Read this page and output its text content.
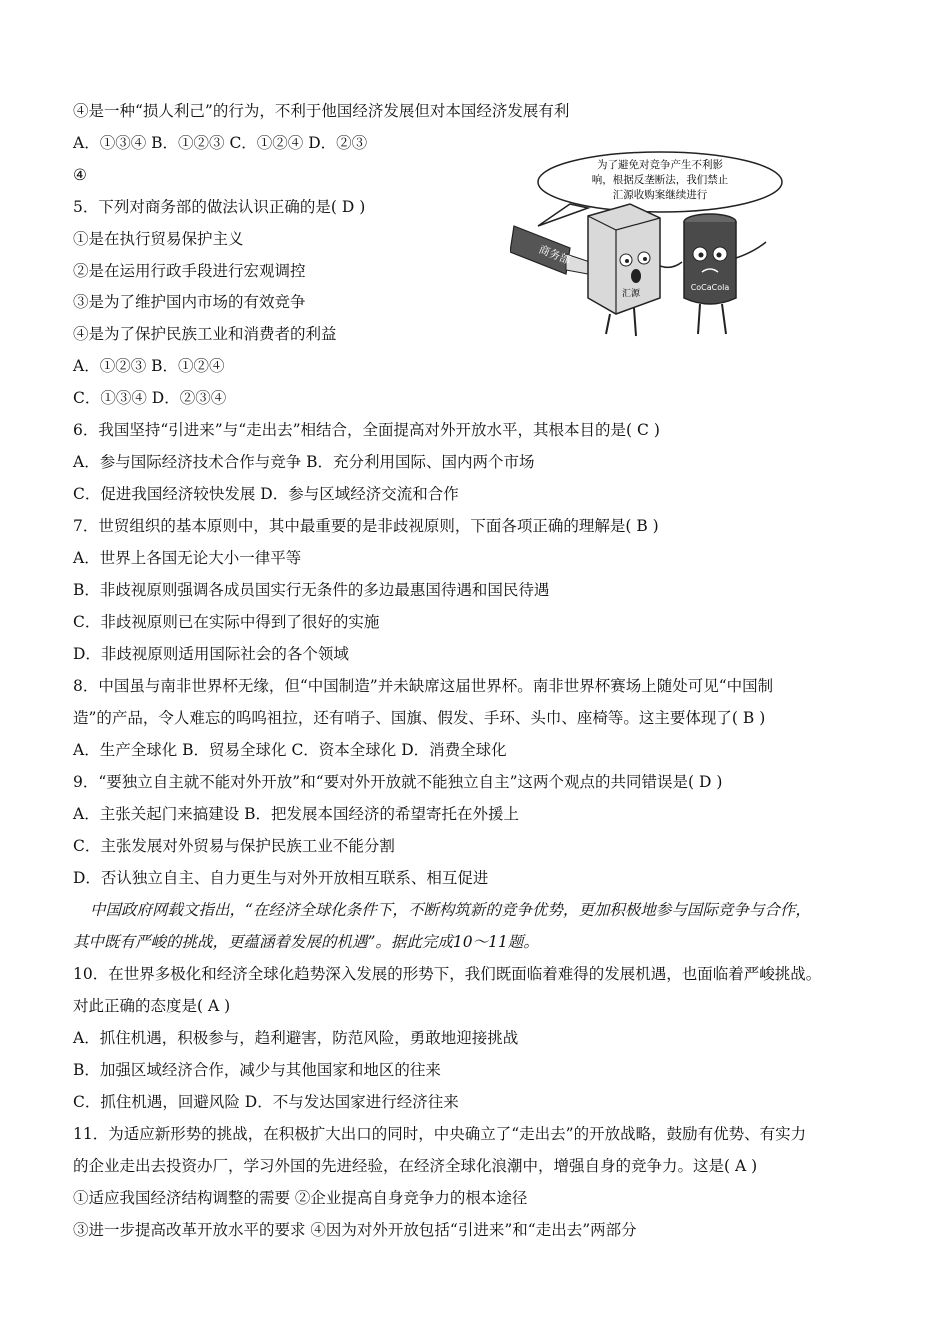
④是一种“损人利己”的行为，不利于他国经济发展但对本国经济发展有利
A．①③④ B．①②③ C．①②④ D．②③
④
5．下列对商务部的做法认识正确的是( D )
①是在执行贸易保护主义
②是在运用行政手段进行宏观调控
③是为了维护国内市场的有效竞争
④是为了保护民族工业和消费者的利益
A．①②③ B．①②④
C．①③④ D．②③④
6．我国坚持“引进来”与“走出去”相结合，全面提高对外开放水平，其根本目的是( C )
A．参与国际经济技术合作与竞争 B．充分利用国际、国内两个市场
C．促进我国经济较快发展 D．参与区域经济交流和合作
7．世贸组织的基本原则中，其中最重要的是非歧视原则，下面各项正确的理解是( B )
A．世界上各国无论大小一律平等
B．非歧视原则强调各成员国实行无条件的多边最惠国待遇和国民待遇
C．非歧视原则已在实际中得到了很好的实施
D．非歧视原则适用国际社会的各个领域
8．中国虽与南非世界杯无缘，但“中国制造”并未缺席这届世界杯。南非世界杯赛场上随处可见“中国制
造”的产品，令人难忘的呜呜祖拉，还有哨子、国旗、假发、手环、头巾、座椅等。这主要体现了( B )
A．生产全球化 B．贸易全球化 C．资本全球化 D．消费全球化
9．“要独立自主就不能对外开放”和“要对外开放就不能独立自主”这两个观点的共同错误是( D )
A．主张关起门来搞建设 B．把发展本国经济的希望寄托在外援上
C．主张发展对外贸易与保护民族工业不能分割
D．否认独立自主、自力更生与对外开放相互联系、相互促进
中国政府网载文指出，“在经济全球化条件下，不断构筑新的竞争优势，更加积极地参与国际竞争与合作，
其中既有严峻的挑战，更蕴涵着发展的机遇”。据此完成10～11题。
10．在世界多极化和经济全球化趋势深入发展的形势下，我们既面临着难得的发展机遇，也面临着严峻挑战。
对此正确的态度是( A )
A．抓住机遇，积极参与，趋利避害，防范风险，勇敢地迎接挑战
B．加强区域经济合作，减少与其他国家和地区的往来
C．抓住机遇，回避风险 D．不与发达国家进行经济往来
11．为适应新形势的挑战，在积极扩大出口的同时，中央确立了“走出去”的开放战略，鼓励有优势、有实力
的企业走出去投资办厂，学习外国的先进经验，在经济全球化浪潮中，增强自身的竞争力。这是( A )
①适应我国经济结构调整的需要 ②企业提高自身竞争力的根本途径
③进一步提高改革开放水平的要求 ④因为对外开放包括“引进来”和“走出去”两部分
为了避免对竞争产生不利影
响，根据反垄断法，我们禁止
汇源收购案继续进行
商务部
汇源
CoCaCola
